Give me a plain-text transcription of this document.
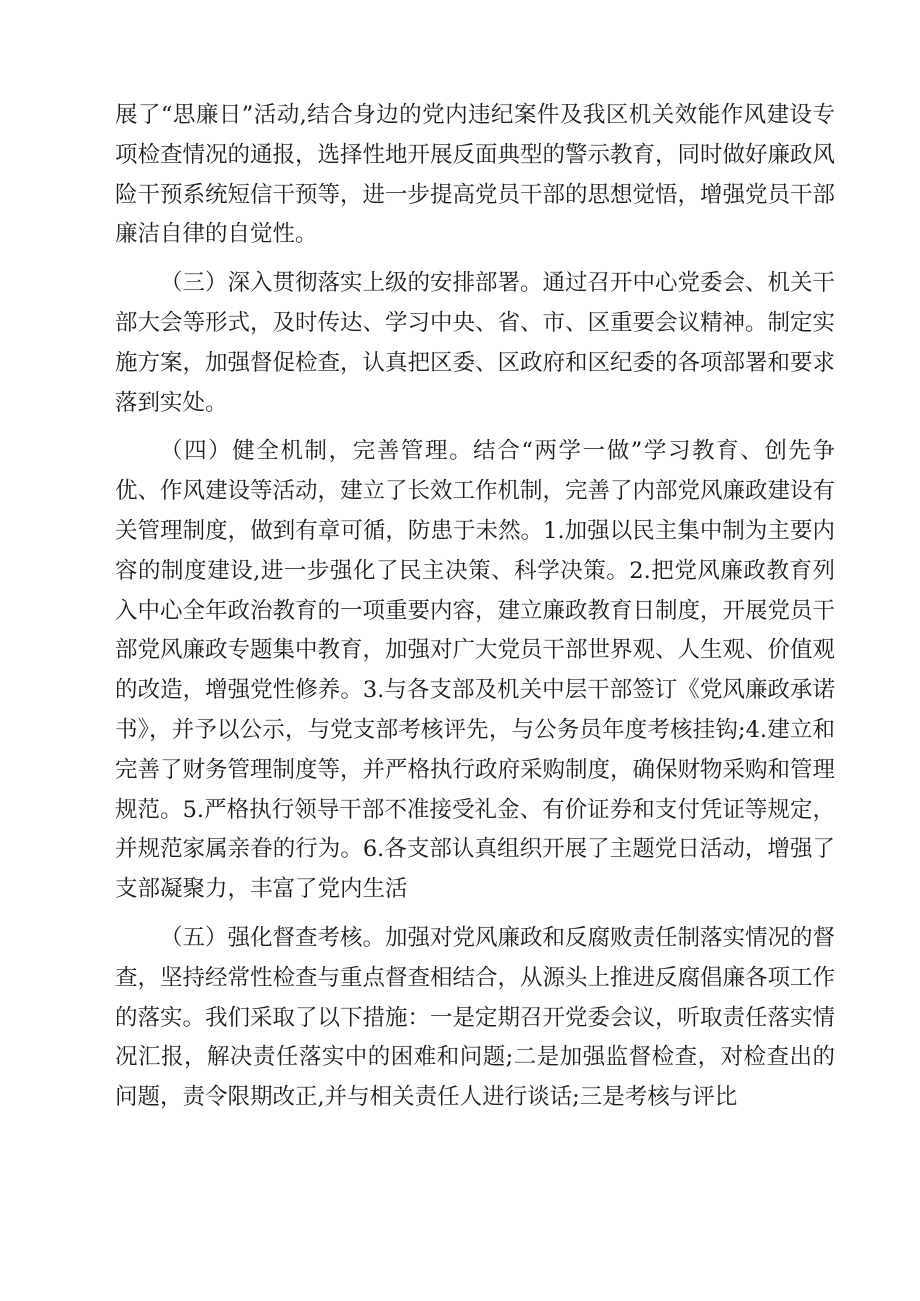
展了“思廉日”活动,结合身边的党内违纪案件及我区机关效能作风建设专项检查情况的通报，选择性地开展反面典型的警示教育，同时做好廉政风险干预系统短信干预等，进一步提高党员干部的思想觉悟，增强党员干部廉洁自律的自觉性。

（三）深入贯彻落实上级的安排部署。通过召开中心党委会、机关干部大会等形式，及时传达、学习中央、省、市、区重要会议精神。制定实施方案，加强督促检查，认真把区委、区政府和区纪委的各项部署和要求落到实处。

（四）健全机制，完善管理。结合“两学一做”学习教育、创先争优、作风建设等活动，建立了长效工作机制，完善了内部党风廉政建设有关管理制度，做到有章可循，防患于未然。1.加强以民主集中制为主要内容的制度建设,进一步强化了民主决策、科学决策。2.把党风廉政教育列入中心全年政治教育的一项重要内容，建立廉政教育日制度，开展党员干部党风廉政专题集中教育，加强对广大党员干部世界观、人生观、价值观的改造，增强党性修养。3.与各支部及机关中层干部签订《党风廉政承诺书》，并予以公示，与党支部考核评先，与公务员年度考核挂钩;4.建立和完善了财务管理制度等，并严格执行政府采购制度，确保财物采购和管理规范。5.严格执行领导干部不准接受礼金、有价证券和支付凭证等规定，并规范家属亲眷的行为。6.各支部认真组织开展了主题党日活动，增强了支部凝聚力，丰富了党内生活

（五）强化督查考核。加强对党风廉政和反腐败责任制落实情况的督查，坚持经常性检查与重点督查相结合，从源头上推进反腐倡廉各项工作的落实。我们采取了以下措施：一是定期召开党委会议，听取责任落实情况汇报，解决责任落实中的困难和问题;二是加强监督检查，对检查出的问题，责令限期改正,并与相关责任人进行谈话;三是考核与评比
